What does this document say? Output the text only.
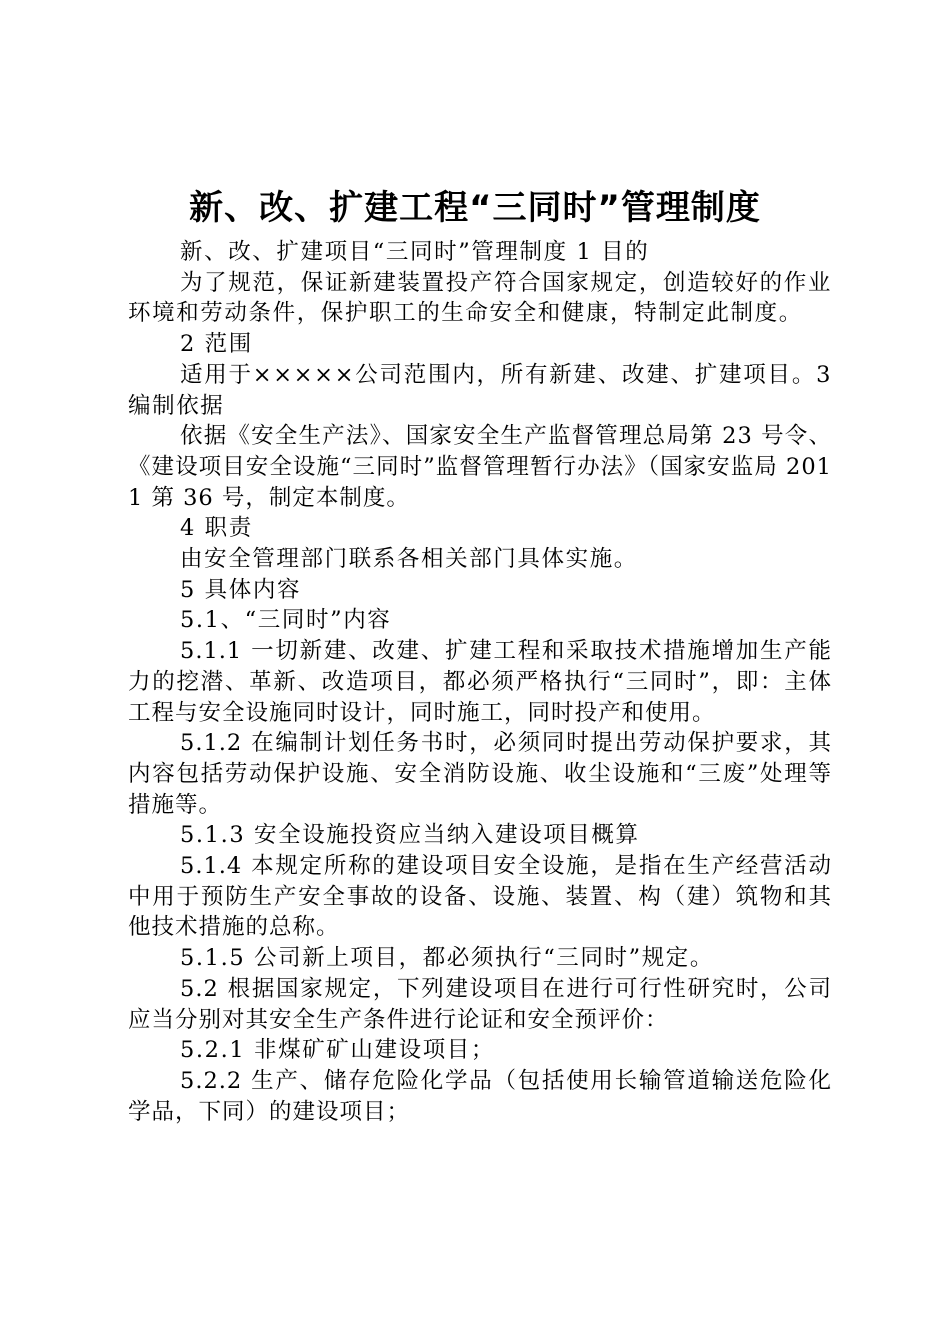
新、改、扩建工程“三同时”管理制度

新、改、扩建项目“三同时”管理制度 1 目的

为了规范，保证新建装置投产符合国家规定，创造较好的作业环境和劳动条件，保护职工的生命安全和健康，特制定此制度。

2 范围

适用于×××××公司范围内，所有新建、改建、扩建项目。3 编制依据

依据《安全生产法》、国家安全生产监督管理总局第 23 号令、《建设项目安全设施“三同时”监督管理暂行办法》（国家安监局 2011 第 36 号，制定本制度。

4 职责

由安全管理部门联系各相关部门具体实施。

5 具体内容

5.1、“三同时”内容

5.1.1 一切新建、改建、扩建工程和采取技术措施增加生产能力的挖潜、革新、改造项目，都必须严格执行“三同时”，即：主体工程与安全设施同时设计，同时施工，同时投产和使用。

5.1.2 在编制计划任务书时，必须同时提出劳动保护要求，其内容包括劳动保护设施、安全消防设施、收尘设施和“三废”处理等措施等。

5.1.3 安全设施投资应当纳入建设项目概算

5.1.4 本规定所称的建设项目安全设施，是指在生产经营活动中用于预防生产安全事故的设备、设施、装置、构（建）筑物和其他技术措施的总称。

5.1.5 公司新上项目，都必须执行“三同时”规定。

5.2 根据国家规定，下列建设项目在进行可行性研究时，公司应当分别对其安全生产条件进行论证和安全预评价：

5.2.1 非煤矿矿山建设项目；

5.2.2 生产、储存危险化学品（包括使用长输管道输送危险化学品，下同）的建设项目；
